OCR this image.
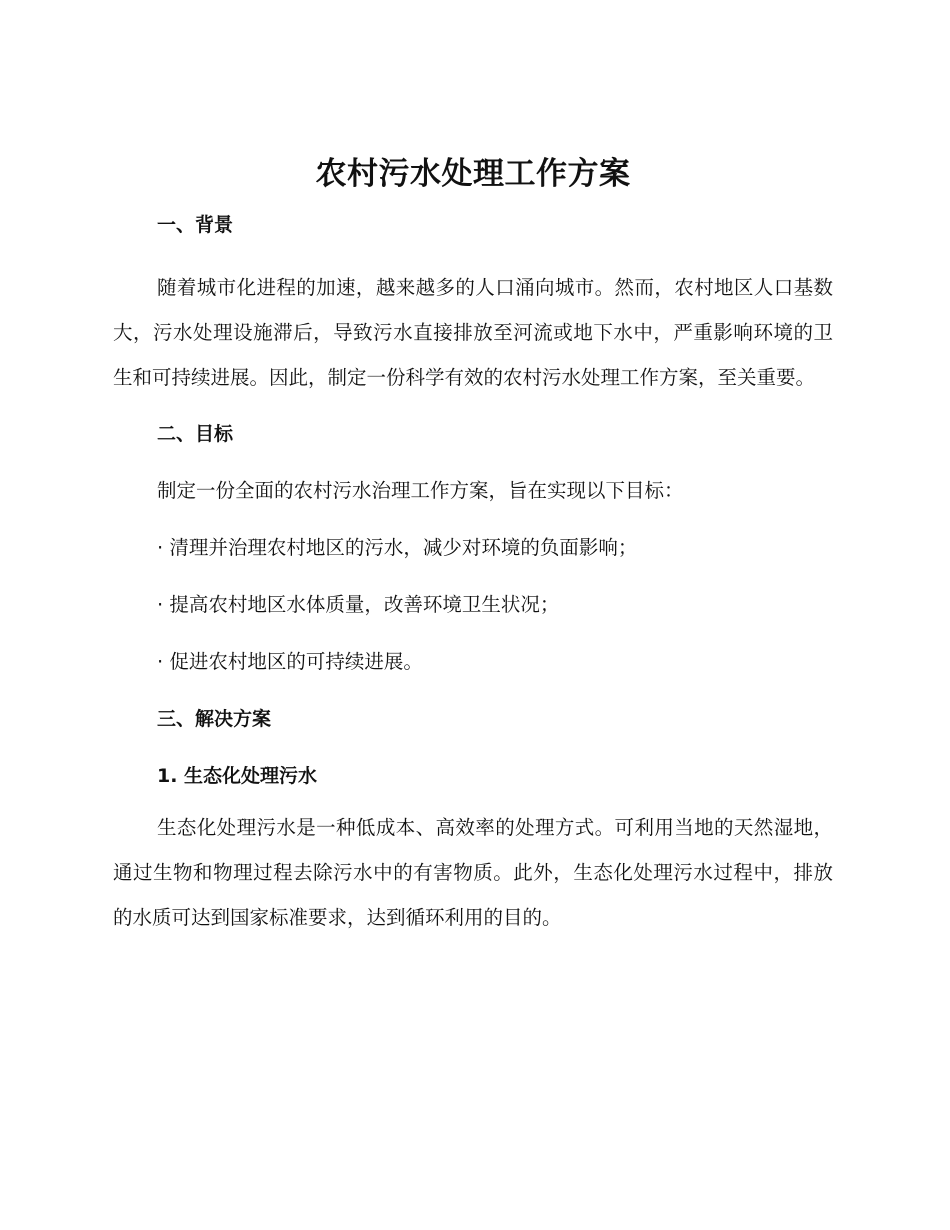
农村污水处理工作方案
一、背景

随着城市化进程的加速，越来越多的人口涌向城市。然而，农村地区人口基数大，污水处理设施滞后，导致污水直接排放至河流或地下水中，严重影响环境的卫生和可持续进展。因此，制定一份科学有效的农村污水处理工作方案，至关重要。

二、目标

制定一份全面的农村污水治理工作方案，旨在实现以下目标：

· 清理并治理农村地区的污水，减少对环境的负面影响；

· 提高农村地区水体质量，改善环境卫生状况；

· 促进农村地区的可持续进展。

三、解决方案
1. 生态化处理污水

生态化处理污水是一种低成本、高效率的处理方式。可利用当地的天然湿地，通过生物和物理过程去除污水中的有害物质。此外，生态化处理污水过程中，排放的水质可达到国家标准要求，达到循环利用的目的。
